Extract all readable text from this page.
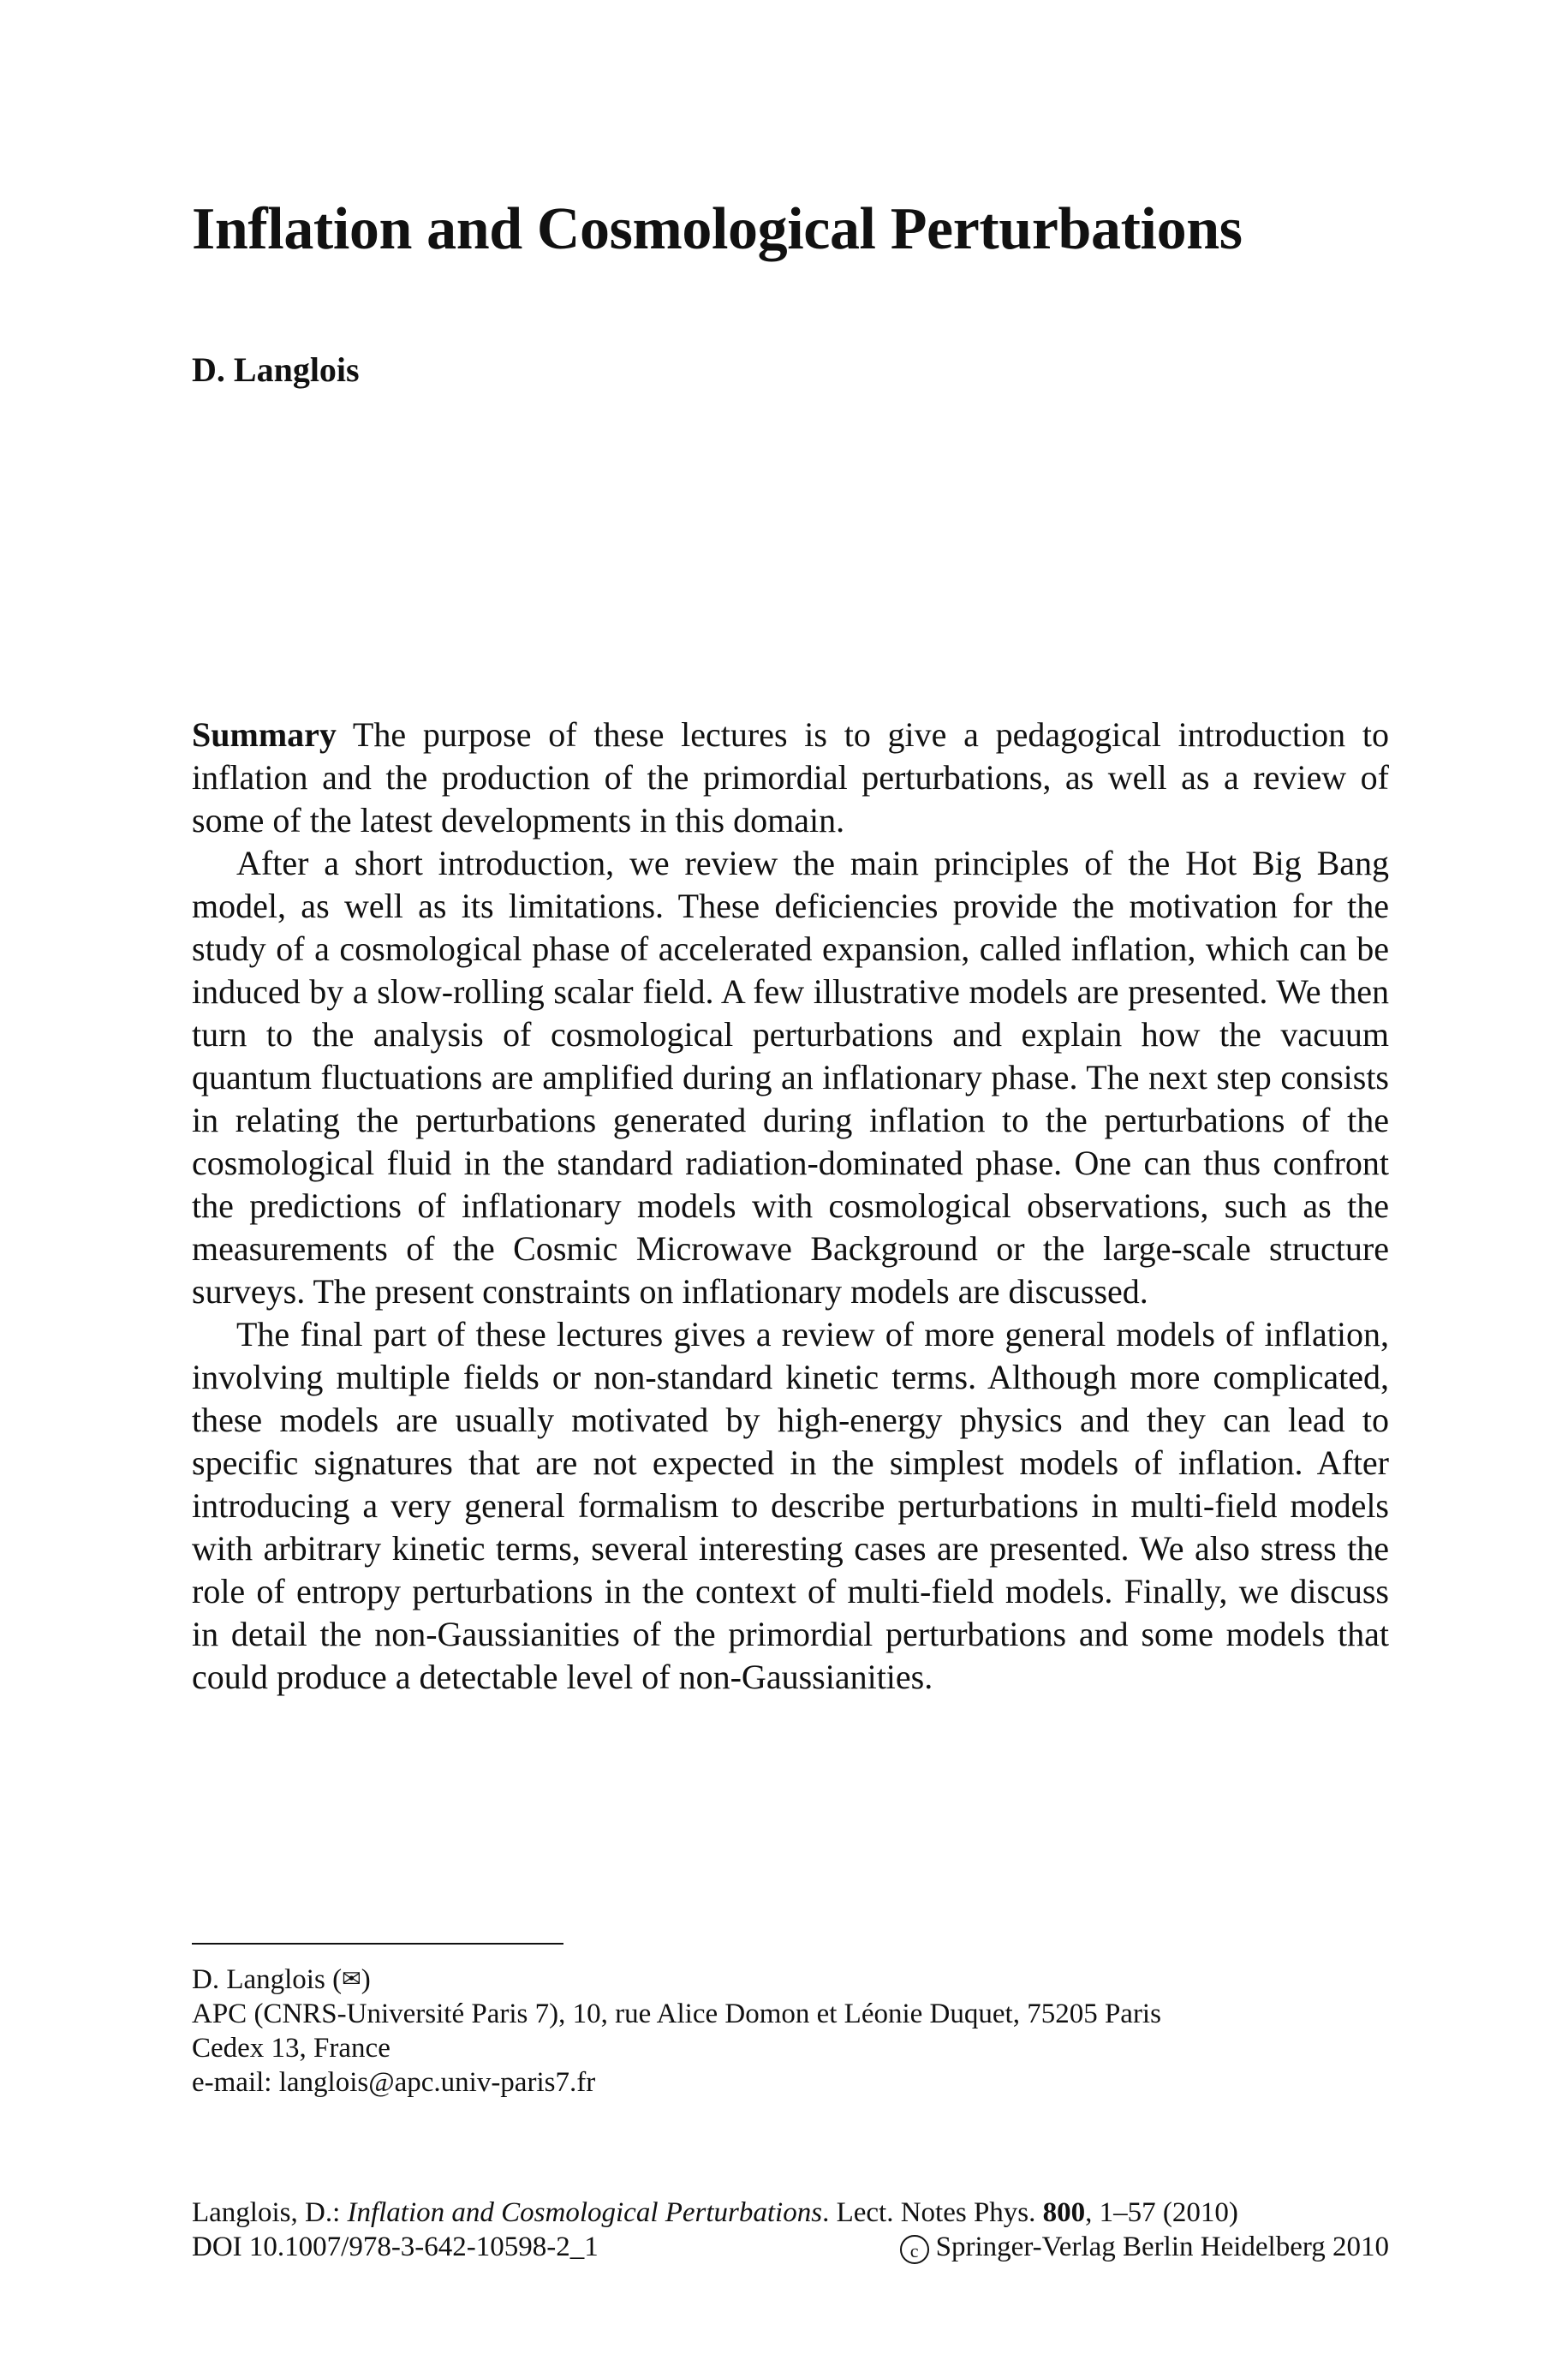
Inflation and Cosmological Perturbations
D. Langlois

Summary The purpose of these lectures is to give a pedagogical introduction to inflation and the production of the primordial perturbations, as well as a review of some of the latest developments in this domain.

After a short introduction, we review the main principles of the Hot Big Bang model, as well as its limitations. These deficiencies provide the motivation for the study of a cosmological phase of accelerated expansion, called inflation, which can be induced by a slow-rolling scalar field. A few illustrative models are presented. We then turn to the analysis of cosmological perturbations and explain how the vacuum quantum fluctuations are amplified during an inflationary phase. The next step consists in relating the perturbations generated during inflation to the perturbations of the cosmological fluid in the standard radiation-dominated phase. One can thus confront the predictions of inflationary models with cosmological observations, such as the measurements of the Cosmic Microwave Background or the large-scale structure surveys. The present constraints on inflationary models are discussed.

The final part of these lectures gives a review of more general models of inflation, involving multiple fields or non-standard kinetic terms. Although more complicated, these models are usually motivated by high-energy physics and they can lead to specific signatures that are not expected in the simplest models of inflation. After introducing a very general formalism to describe perturbations in multi-field models with arbitrary kinetic terms, several interesting cases are presented. We also stress the role of entropy perturbations in the context of multi-field models. Finally, we discuss in detail the non-Gaussianities of the primordial perturbations and some models that could produce a detectable level of non-Gaussianities.

D. Langlois (✉)
APC (CNRS-Université Paris 7), 10, rue Alice Domon et Léonie Duquet, 75205 Paris
Cedex 13, France
e-mail: langlois@apc.univ-paris7.fr
Langlois, D.:
Inflation and Cosmological Perturbations . Lect. Notes Phys.
800 , 1–57 (2010)
DOI 10.1007/978-3-642-10598-2_1	c Springer-Verlag Berlin Heidelberg 2010
